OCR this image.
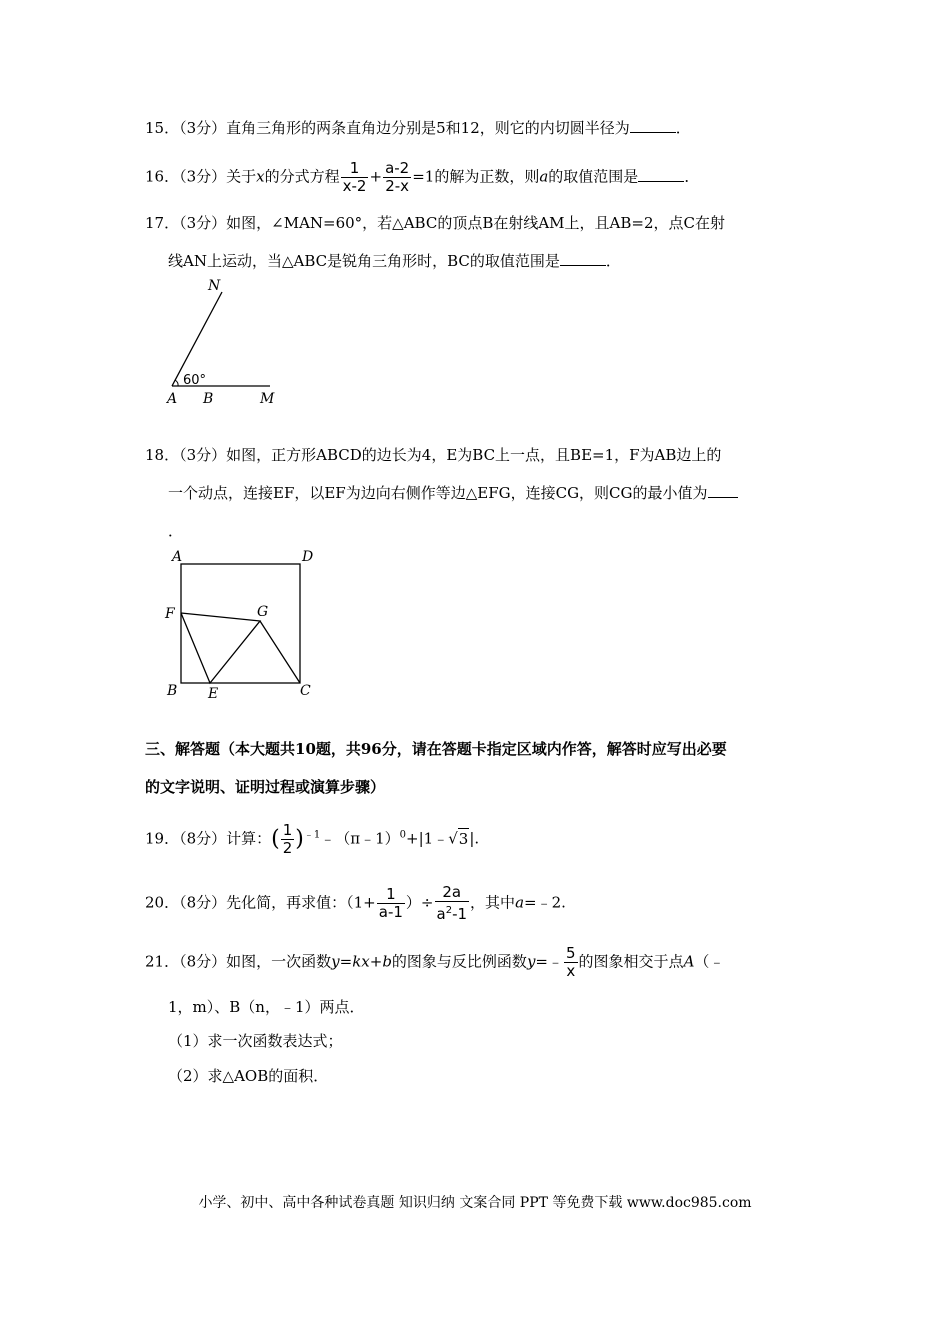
15．（3分）直角三角形的两条直角边分别是5和12，则它的内切圆半径为	．
16．（3分）关于x的分式方程 $\frac{1}{x-2} + \frac{a-2}{2-x} =1$的解为正数，则a的取值范围是	．
17．（3分）如图，∠MAN=60°，若△ABC的顶点B在射线AM上，且AB=2，点C在射
线AN上运动，当△ABC是锐角三角形时，BC的取值范围是	．
N
A B	M
60°
18．（3分）如图，正方形ABCD的边长为4，E为BC上一点，且BE=1，F为AB边上的
一个动点，连接EF，以EF为边向右侧作等边△EFG，连接CG，则CG的最小值为
．
A	D
F	G
B E	C
三、解答题（本大题共10题，共96分，请在答题卡指定区域内作答，解答时应写出必要
的文字说明、证明过程或演算步骤）
19．（8分）计算：( $\frac{1}{2}$ )$^{﹣1}$﹣（π﹣1）$^0$+|1﹣√3|.
20．（8分）先化简，再求值：（$1+ \frac{1}{a-1}$ ）÷ $\frac{2a}{a^2-1}$ ，其中a=﹣2.
21．（8分）如图，一次函数y=kx+b的图象与反比例函数y=﹣ $\frac{5}{x}$ 的图象相交于点A（﹣
1，m）、B（n，﹣1）两点．
（1）求一次函数表达式；
（2）求△AOB的面积．
小学、初中、高中各种试卷真题 知识归纳 文案合同 PPT 等免费下载 www.doc985.com
